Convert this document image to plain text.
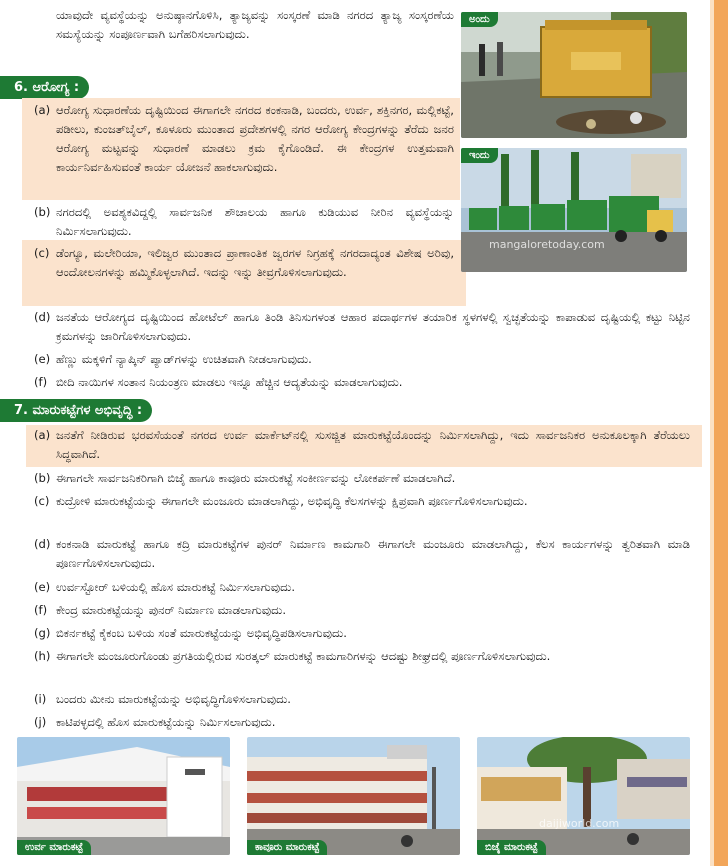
ಯಾವುದೇ ವ್ಯವಸ್ಥೆಯನ್ನು ಅನುಷ್ಠಾನಗೊಳಿಸಿ, ತ್ಯಾಜ್ಯವನ್ನು ಸಂಸ್ಕರಣೆ ಮಾಡಿ ನಗರದ ತ್ಯಾಜ್ಯ ಸಂಸ್ಕರಣೆಯ ಸಮಸ್ಯೆಯನ್ನು ಸಂಪೂರ್ಣವಾಗಿ ಬಗೆಹರಿಸಲಾಗುವುದು.
6. ಆರೋಗ್ಯ :
(a) ಆರೋಗ್ಯ ಸುಧಾರಣೆಯ ದೃಷ್ಟಿಯಿಂದ ಈಗಾಗಲೇ ನಗರದ ಕಂಕನಾಡಿ, ಬಂದರು, ಉರ್ವ, ಶಕ್ತಿನಗರ, ಮಲ್ಲಿಕಟ್ಟೆ, ಪಡೀಲು, ಕುಂಜತ್‌ಬೈಲ್, ಕೂಳೂರು ಮುಂತಾದ ಪ್ರದೇಶಗಳಲ್ಲಿ ನಗರ ಆರೋಗ್ಯ ಕೇಂದ್ರಗಳನ್ನು ತೆರೆದು ಜನರ ಆರೋಗ್ಯ ಮಟ್ಟವನ್ನು ಸುಧಾರಣೆ ಮಾಡಲು ಕ್ರಮ ಕೈಗೊಂಡಿದೆ. ಈ ಕೇಂದ್ರಗಳ ಉತ್ತಮವಾಗಿ ಕಾರ್ಯನಿರ್ವಹಿಸುವಂತೆ ಕಾರ್ಯ ಯೋಜನೆ ಹಾಕಲಾಗುವುದು.
(b) ನಗರದಲ್ಲಿ ಅವಶ್ಯಕವಿದ್ದಲ್ಲಿ ಸಾರ್ವಜನಿಕ ಶೌಚಾಲಯ ಹಾಗೂ ಕುಡಿಯುವ ನೀರಿನ ವ್ಯವಸ್ಥೆಯನ್ನು ನಿರ್ಮಿಸಲಾಗುವುದು.
(c) ಡೆಂಗ್ಯೂ, ಮಲೇರಿಯಾ, ಇಲಿಜ್ವರ ಮುಂತಾದ ಪ್ರಾಣಾಂತಿಕ ಜ್ವರಗಳ ನಿಗ್ರಹಕ್ಕೆ ನಗರದಾದ್ಯಂತ ವಿಶೇಷ ಅರಿವು, ಆಂದೋಲನಗಳನ್ನು ಹಮ್ಮಿಕೊಳ್ಳಲಾಗಿದೆ. ಇದನ್ನು ಇನ್ನು ತೀವ್ರಗೊಳಿಸಲಾಗುವುದು.
(d) ಜನತೆಯ ಆರೋಗ್ಯದ ದೃಷ್ಟಿಯಿಂದ ಹೋಟೆಲ್ ಹಾಗೂ ತಿಂಡಿ ತಿನಿಸುಗಳಂತ ಆಹಾರ ಪದಾರ್ಥಗಳ ತಯಾರಿಕ ಸ್ಥಳಗಳಲ್ಲಿ ಸ್ವಚ್ಛತೆಯನ್ನು ಕಾಪಾಡುವ ದೃಷ್ಟಿಯಲ್ಲಿ ಕಟ್ಟು ನಿಟ್ಟಿನ ಕ್ರಮಗಳನ್ನು ಜಾರಿಗೊಳಿಸಲಾಗುವುದು.
(e) ಹೆಣ್ಣು ಮಕ್ಕಳಿಗೆ ನ್ಯಾಪ್ಕಿನ್ ಪ್ಯಾಡ್‌ಗಳನ್ನು ಉಚಿತವಾಗಿ ನೀಡಲಾಗುವುದು.
(f) ಬೀದಿ ನಾಯಿಗಳ ಸಂತಾನ ನಿಯಂತ್ರಣ ಮಾಡಲು ಇನ್ನೂ ಹೆಚ್ಚಿನ ಆದ್ಯತೆಯನ್ನು ಮಾಡಲಾಗುವುದು.
7. ಮಾರುಕಟ್ಟೆಗಳ ಅಭಿವೃದ್ಧಿ :
(a) ಜನತೆಗೆ ನೀಡಿರುವ ಭರವಸೆಯಂತೆ ನಗರದ ಉರ್ವ ಮಾರ್ಕೆಟ್‌ನಲ್ಲಿ ಸುಸಜ್ಜಿತ ಮಾರುಕಟ್ಟೆಯೊಂದನ್ನು ನಿರ್ಮಿಸಲಾಗಿದ್ದು, ಇದು ಸಾರ್ವಜನಿಕರ ಅನುಕೂಲಕ್ಕಾಗಿ ತೆರೆಯಲು ಸಿದ್ಧವಾಗಿದೆ.
(b) ಈಗಾಗಲೇ ಸಾರ್ವಜನಿಕರಿಗಾಗಿ ಬಿಜೈ ಹಾಗೂ ಕಾವೂರು ಮಾರುಕಟ್ಟೆ ಸಂಕೀರ್ಣವನ್ನು ಲೋಕರ್ಪಣೆ ಮಾಡಲಾಗಿದೆ.
(c) ಕುದ್ರೋಳಿ ಮಾರುಕಟ್ಟೆಯನ್ನು ಈಗಾಗಲೇ ಮಂಜೂರು ಮಾಡಲಾಗಿದ್ದು, ಅಭಿವೃದ್ಧಿ ಕೆಲಸಗಳನ್ನು ಕ್ಷಿಪ್ರವಾಗಿ ಪೂರ್ಣಗೊಳಿಸಲಾಗುವುದು.
(d) ಕಂಕನಾಡಿ ಮಾರುಕಟ್ಟೆ ಹಾಗೂ ಕದ್ರಿ ಮಾರುಕಟ್ಟೆಗಳ ಪುನರ್ ನಿರ್ಮಾಣ ಕಾಮಗಾರಿ ಈಗಾಗಲೇ ಮಂಜೂರು ಮಾಡಲಾಗಿದ್ದು, ಕೆಲಸ ಕಾರ್ಯಗಳನ್ನು ತ್ವರಿತವಾಗಿ ಮಾಡಿ ಪೂರ್ಣಗೊಳಿಸಲಾಗುವುದು.
(e) ಉರ್ವಸ್ಟೋರ್ ಬಳಿಯಲ್ಲಿ ಹೊಸ ಮಾರುಕಟ್ಟೆ ನಿರ್ಮಿಸಲಾಗುವುದು.
(f) ಕೇಂದ್ರ ಮಾರುಕಟ್ಟೆಯನ್ನು ಪುನರ್ ನಿರ್ಮಾಣ ಮಾಡಲಾಗುವುದು.
(g) ಬಿಕರ್ನಕಟ್ಟೆ ಕೈಕಂಬ ಬಳಿಯ ಸಂತೆ ಮಾರುಕಟ್ಟೆಯನ್ನು ಅಭಿವೃದ್ಧಿಪಡಿಸಲಾಗುವುದು.
(h) ಈಗಾಗಲೇ ಮಂಜೂರುಗೊಂಡು ಪ್ರಗತಿಯಲ್ಲಿರುವ ಸುರತ್ಕಲ್ ಮಾರುಕಟ್ಟೆ ಕಾಮಗಾರಿಗಳನ್ನು ಆದಷ್ಟು ಶೀಘ್ರದಲ್ಲಿ ಪೂರ್ಣಗೊಳಿಸಲಾಗುವುದು.
(i) ಬಂದರು ಮೀನು ಮಾರುಕಟ್ಟೆಯನ್ನು ಅಭಿವೃದ್ಧಿಗೊಳಿಸಲಾಗುವುದು.
(j) ಕಾಟಿಪಳ್ಳದಲ್ಲಿ ಹೊಸ ಮಾರುಕಟ್ಟೆಯನ್ನು ನಿರ್ಮಿಸಲಾಗುವುದು.
ಅಂದು
ಇಂದು
mangaloretoday.com
ಉರ್ವ ಮಾರುಕಟ್ಟೆ	ಕಾವೂರು ಮಾರುಕಟ್ಟೆ	ಬಿಜೈ ಮಾರುಕಟ್ಟೆ
daijiworld.com
